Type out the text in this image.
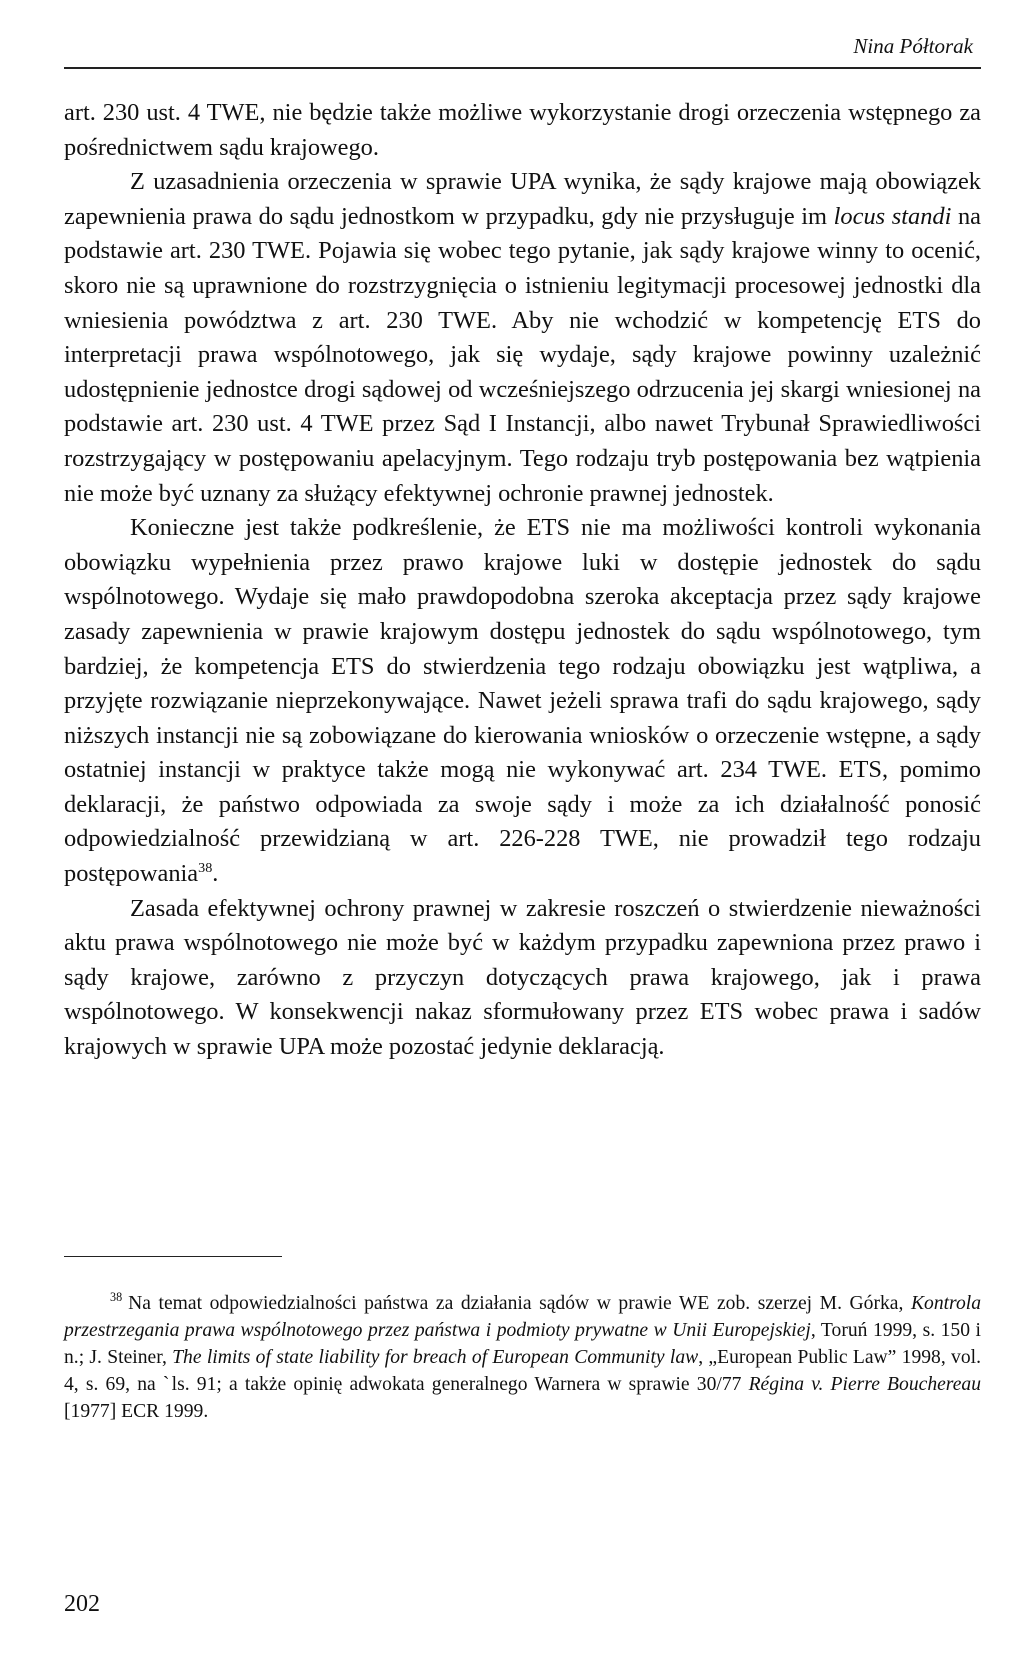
Nina Półtorak

art. 230 ust. 4 TWE, nie będzie także możliwe wykorzystanie drogi orzeczenia wstępnego za pośrednictwem sądu krajowego.

Z uzasadnienia orzeczenia w sprawie UPA wynika, że sądy krajowe mają obowiązek zapewnienia prawa do sądu jednostkom w przypadku, gdy nie przysługuje im locus standi na podstawie art. 230 TWE. Pojawia się wobec tego pytanie, jak sądy krajowe winny to ocenić, skoro nie są uprawnione do rozstrzygnięcia o istnieniu legitymacji procesowej jednostki dla wniesienia powództwa z art. 230 TWE. Aby nie wchodzić w kompetencję ETS do interpretacji prawa wspólnotowego, jak się wydaje, sądy krajowe powinny uzależnić udostępnienie jednostce drogi sądowej od wcześniejszego odrzucenia jej skargi wniesionej na podstawie art. 230 ust. 4 TWE przez Sąd I Instancji, albo nawet Trybunał Sprawiedliwości rozstrzygający w postępowaniu apelacyjnym. Tego rodzaju tryb postępowania bez wątpienia nie może być uznany za służący efektywnej ochronie prawnej jednostek.

Konieczne jest także podkreślenie, że ETS nie ma możliwości kontroli wykonania obowiązku wypełnienia przez prawo krajowe luki w dostępie jednostek do sądu wspólnotowego. Wydaje się mało prawdopodobna szeroka akceptacja przez sądy krajowe zasady zapewnienia w prawie krajowym dostępu jednostek do sądu wspólnotowego, tym bardziej, że kompetencja ETS do stwierdzenia tego rodzaju obowiązku jest wątpliwa, a przyjęte rozwiązanie nieprzekonywające. Nawet jeżeli sprawa trafi do sądu krajowego, sądy niższych instancji nie są zobowiązane do kierowania wniosków o orzeczenie wstępne, a sądy ostatniej instancji w praktyce także mogą nie wykonywać art. 234 TWE. ETS, pomimo deklaracji, że państwo odpowiada za swoje sądy i może za ich działalność ponosić odpowiedzialność przewidzianą w art. 226-228 TWE, nie prowadził tego rodzaju postępowania$^{38}$.

Zasada efektywnej ochrony prawnej w zakresie roszczeń o stwierdzenie nieważności aktu prawa wspólnotowego nie może być w każdym przypadku zapewniona przez prawo i sądy krajowe, zarówno z przyczyn dotyczących prawa krajowego, jak i prawa wspólnotowego. W konsekwencji nakaz sformułowany przez ETS wobec prawa i sadów krajowych w sprawie UPA może pozostać jedynie deklaracją.

$^{38}$ Na temat odpowiedzialności państwa za działania sądów w prawie WE zob. szerzej M. Górka, Kontrola przestrzegania prawa wspólnotowego przez państwa i podmioty prywatne w Unii Europejskiej, Toruń 1999, s. 150 i n.; J. Steiner, The limits of state liability for breach of European Community law, „European Public Law” 1998, vol. 4, s. 69, na ˋls. 91; a także opinię adwokata generalnego Warnera w sprawie 30/77 Régina v. Pierre Bouchereau [1977] ECR 1999.
202
